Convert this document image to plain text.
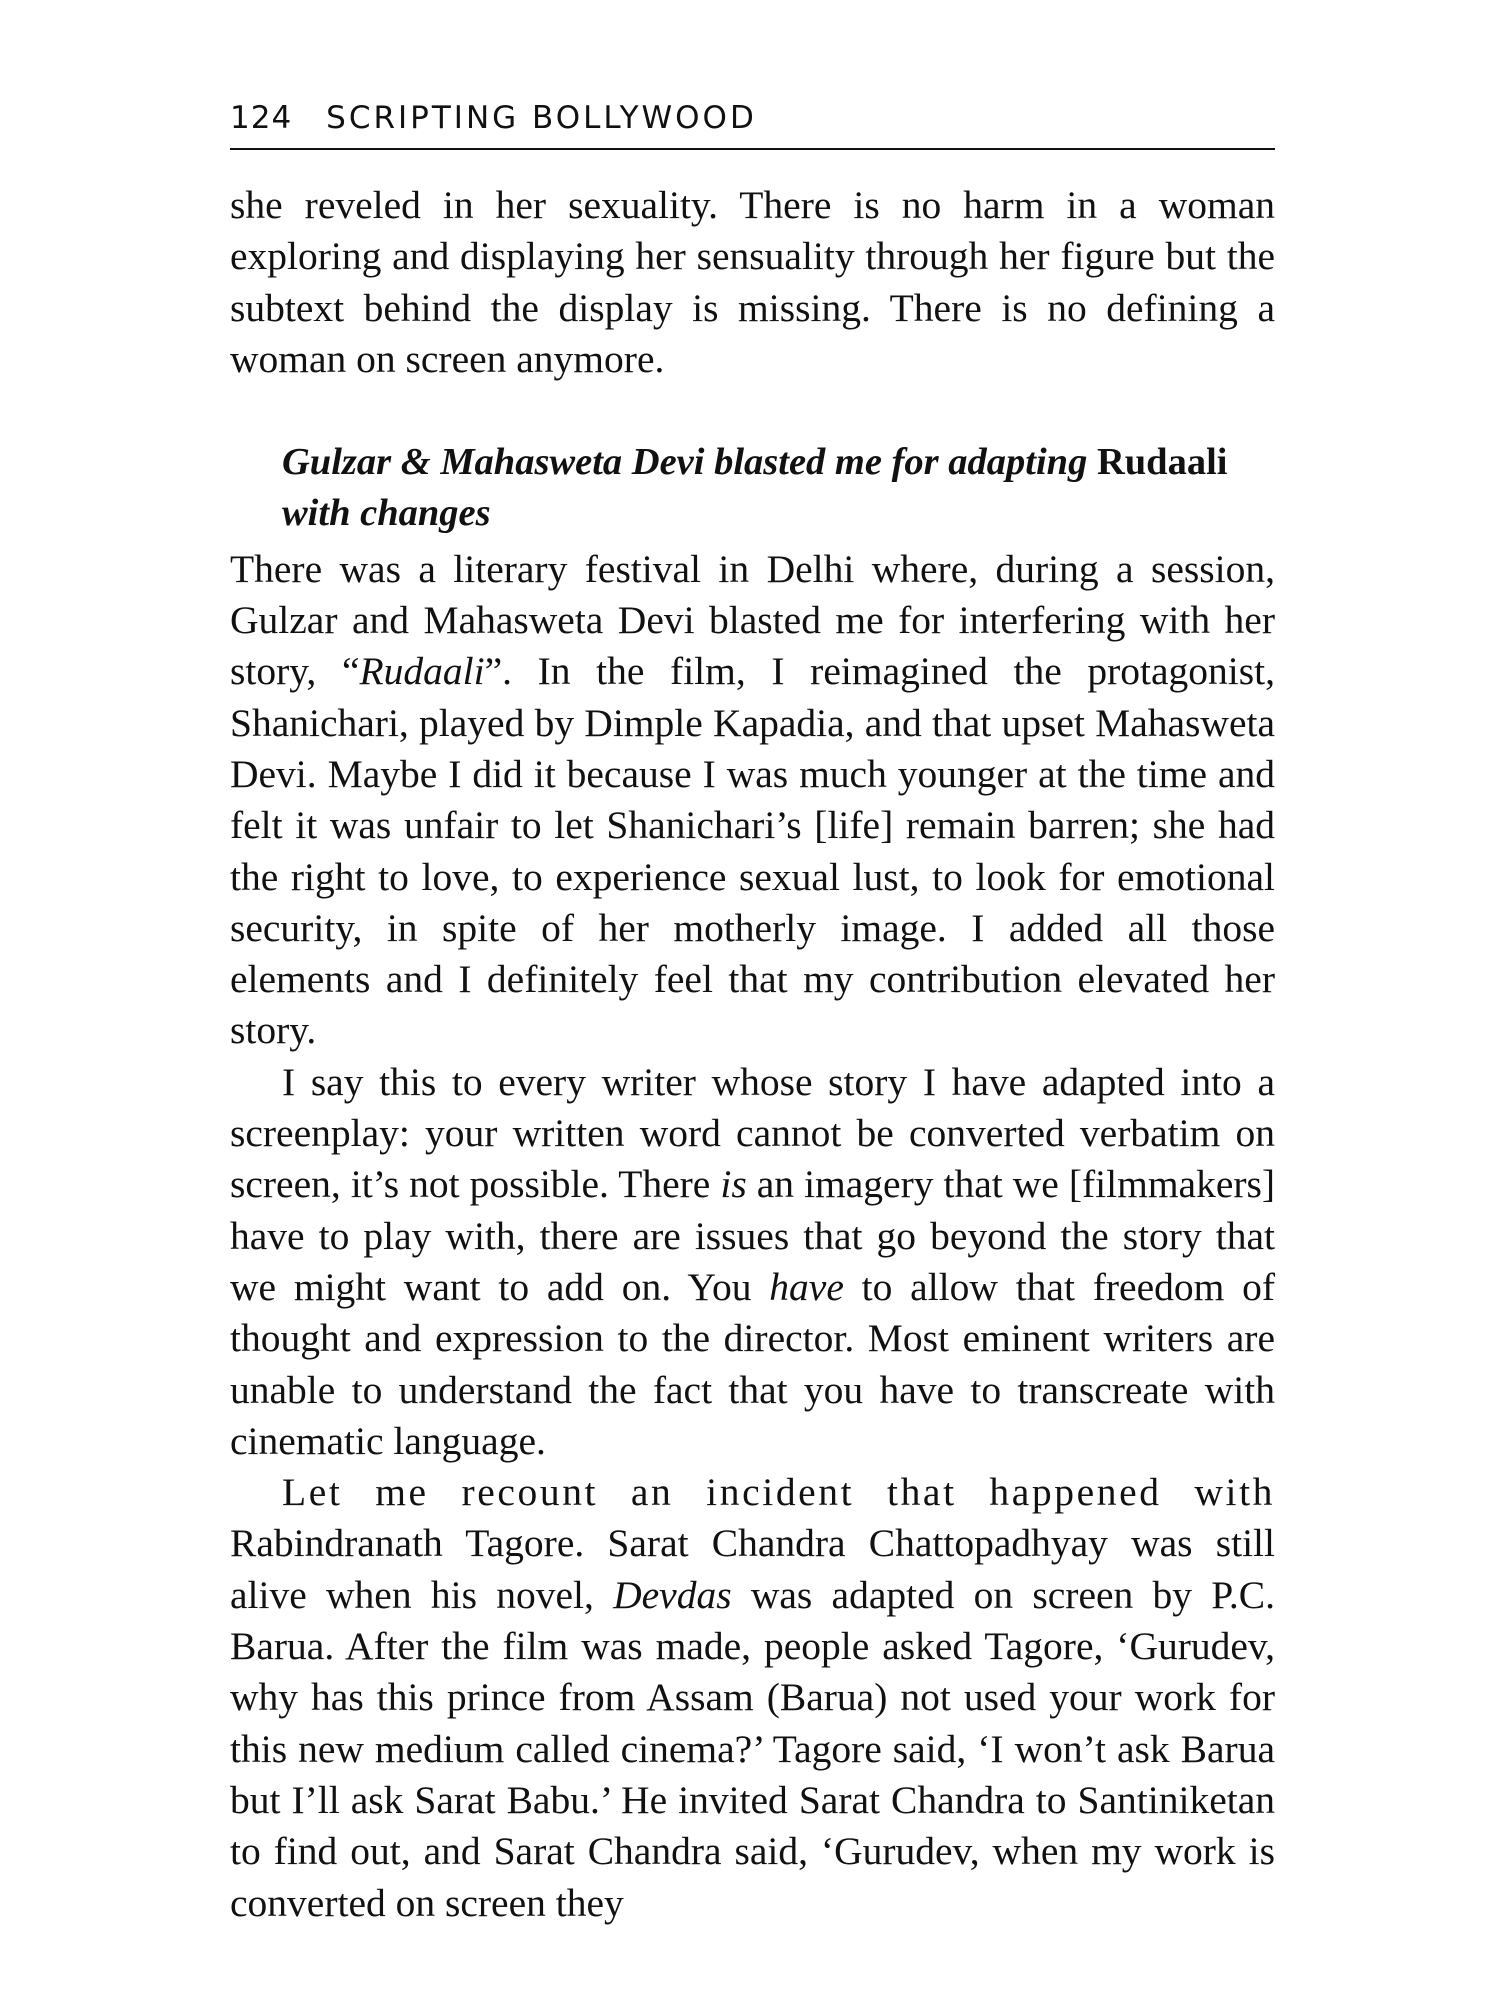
124 SCRIPTING BOLLYWOOD

she reveled in her sexuality. There is no harm in a woman exploring and displaying her sensuality through her figure but the subtext behind the display is missing. There is no defining a woman on screen anymore.

Gulzar & Mahasweta Devi blasted me for adapting Rudaali with changes

There was a literary festival in Delhi where, during a session, Gulzar and Mahasweta Devi blasted me for interfering with her story, “Rudaali”. In the film, I reimagined the protagonist, Shanichari, played by Dimple Kapadia, and that upset Mahasweta Devi. Maybe I did it because I was much younger at the time and felt it was unfair to let Shanichari’s [life] remain barren; she had the right to love, to experience sexual lust, to look for emotional security, in spite of her motherly image. I added all those elements and I definitely feel that my contribution elevated her story.

I say this to every writer whose story I have adapted into a screenplay: your written word cannot be converted verbatim on screen, it’s not possible. There is an imagery that we [filmmakers] have to play with, there are issues that go beyond the story that we might want to add on. You have to allow that freedom of thought and expression to the director. Most eminent writers are unable to understand the fact that you have to transcreate with cinematic language.

Let me recount an incident that happened with Rabindranath Tagore. Sarat Chandra Chattopadhyay was still alive when his novel, Devdas was adapted on screen by P.C. Barua. After the film was made, people asked Tagore, ‘Gurudev, why has this prince from Assam (Barua) not used your work for this new medium called cinema?’ Tagore said, ‘I won’t ask Barua but I’ll ask Sarat Babu.’ He invited Sarat Chandra to Santiniketan to find out, and Sarat Chandra said, ‘Gurudev, when my work is converted on screen they
